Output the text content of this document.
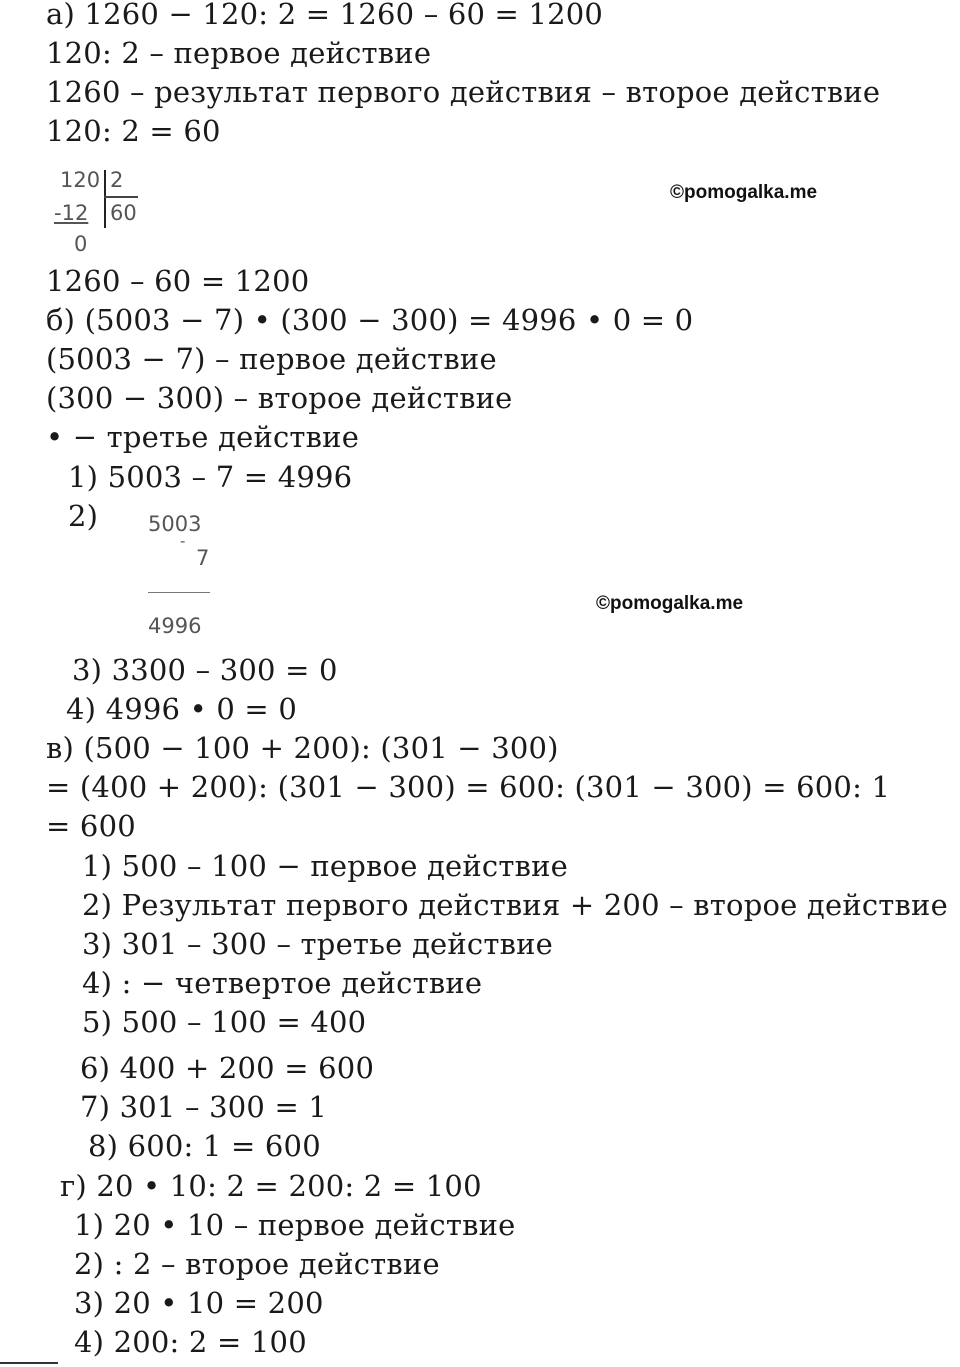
а) 1260 − 120: 2 = 1260 – 60 = 1200
120: 2 – первое действие
1260 – результат первого действия – второе действие
120: 2 = 60
1260 – 60 = 1200
б) (5003 − 7) • (300 − 300) = 4996 • 0 = 0
(5003 − 7) – первое действие
(300 − 300) – второе действие
• − третье действие
1) 5003 – 7 = 4996
2)
3) 3300 – 300 = 0
4) 4996 • 0 = 0
в) (500 − 100 + 200): (301 − 300)
= (400 + 200): (301 − 300) = 600: (301 − 300) = 600: 1
= 600
1) 500 – 100 − первое действие
2) Результат первого действия + 200 – второе действие
3) 301 – 300 – третье действие
4) : − четвертое действие
5) 500 – 100 = 400
6) 400 + 200 = 600
7) 301 – 300 = 1
8) 600: 1 = 600
г) 20 • 10: 2 = 200: 2 = 100
1) 20 • 10 – первое действие
2) : 2 – второе действие
3) 20 • 10 = 200
4) 200: 2 = 100
©pomogalka.me
©pomogalka.me
120 2
-12 60
0
5003
-
7
4996
